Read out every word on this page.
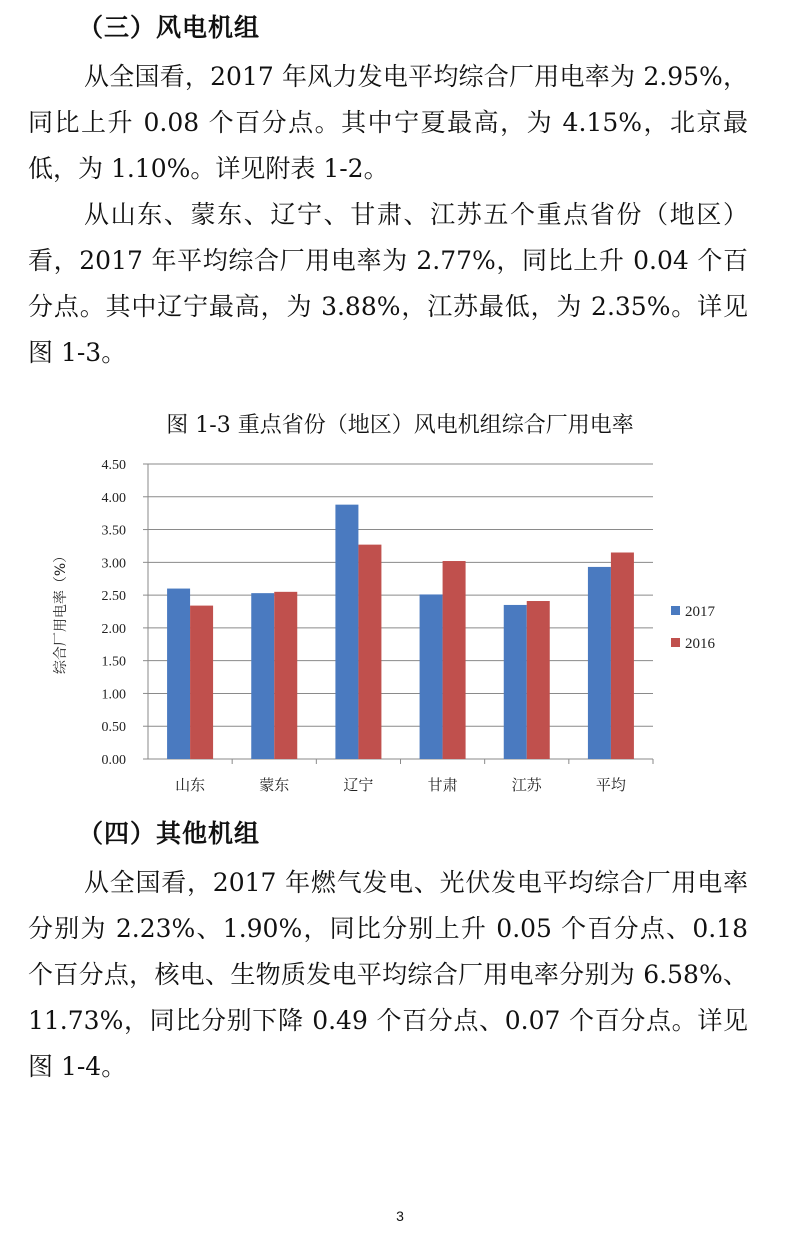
（三）风电机组

从全国看，2017 年风力发电平均综合厂用电率为 2.95%，同比上升 0.08 个百分点。其中宁夏最高，为 4.15%，北京最低，为 1.10%。详见附表 1-2。

从山东、蒙东、辽宁、甘肃、江苏五个重点省份（地区）看，2017 年平均综合厂用电率为 2.77%，同比上升 0.04 个百分点。其中辽宁最高，为 3.88%，江苏最低，为 2.35%。详见图 1-3。

图 1-3 重点省份（地区）风电机组综合厂用电率
0.00
0.50
1.00
1.50
2.00
2.50
3.00
3.50
4.00
4.50
山东	蒙东	辽宁	甘肃	江苏	平均
综合厂用电率（%）	2017
2016
（四）其他机组

从全国看，2017 年燃气发电、光伏发电平均综合厂用电率分别为 2.23%、1.90%，同比分别上升 0.05 个百分点、0.18 个百分点，核电、生物质发电平均综合厂用电率分别为 6.58%、11.73%，同比分别下降 0.49 个百分点、0.07 个百分点。详见图 1-4。

3
